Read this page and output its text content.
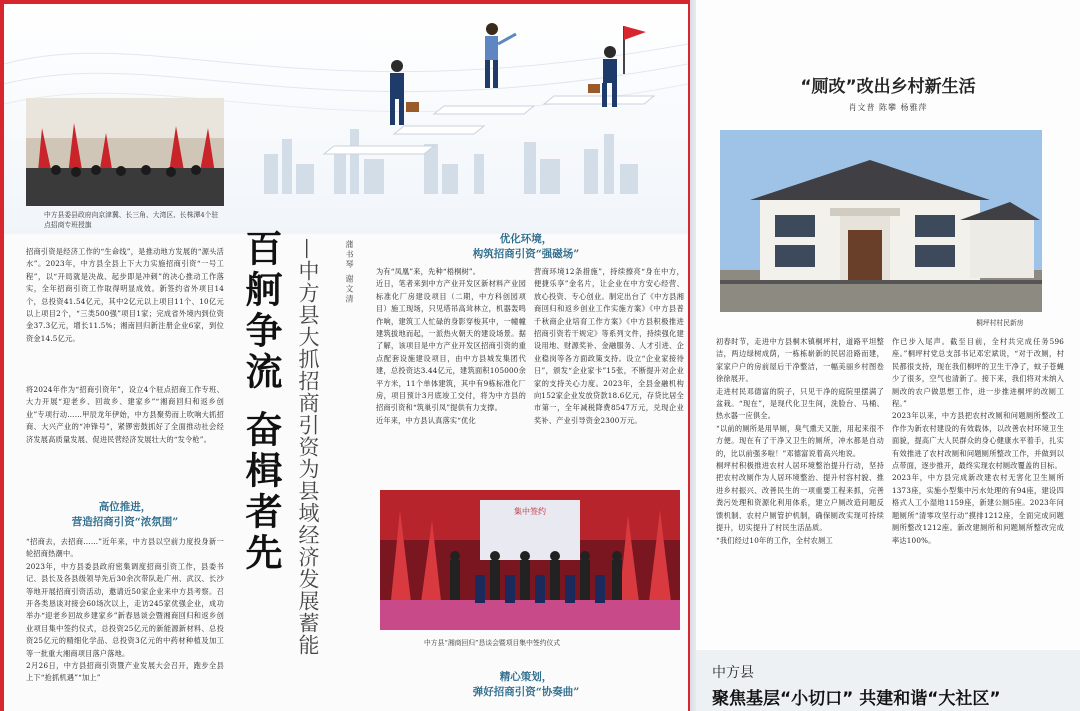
中方县委县政府向京津冀、长三角、大湾区、长株潭4个驻点招商专班授旗
招商引资是经济工作的“生命线”，是推动地方发展的“源头活水”。2023年，中方县全县上下大力实施招商引资“一号工程”，以“开局就是决战、起步即是冲刺”的决心推动工作落实，全年招商引资工作取得明显成效。新签约省外项目14个，总投资41.54亿元，其中2亿元以上项目11个、10亿元以上项目2个，“三类500强”项目1家；完成省外境内到位资金37.3亿元，增长11.5%；湘南回归新注册企业6家，到位资金14.5亿元。
将2024年作为“招商引资年”，设立4个驻点招商工作专班、大力开展“迎老乡、回故乡、建家乡”“湘商回归和返乡创业”专项行动……甲辰龙年伊始，中方县聚势而上吹响大抓招商、大兴产业的“冲锋号”，紧锣密鼓抓好了全面推动社会经济发展高质量发展、促进民营经济发展壮大的“发令枪”。
高位推进，
营造招商引资“浓氛围”
“招商去，去招商……”近年来，中方县以空前力度投身新一轮招商热潮中。
2023年，中方县委县政府密集调度招商引资工作，县委书记、县长及各县级领导先后30余次带队赴广州、武汉、长沙等地开展招商引资活动，邀请近50家企业来中方县考察。召开各类恳谈对接会60场次以上，走访245家优强企业，成功举办“迎老乡回故乡建家乡”新春恳谈会暨湘商回归和返乡创业项目集中签约仪式，总投资25亿元的新能源新材料、总投资25亿元的精细化学品、总投资3亿元的中药材种植及加工等一批重大湘商项目落户落地。
2月26日，中方县招商引资暨产业发展大会召开，跑步全县上下“抢抓机遇”“加上”
百舸争流 奋楫者先 —中方县大抓招商引资为县域经济发展蓄能	蒲书琴 谢文清
优化环境，
构筑招商引资“强磁场”
为有“凤凰”来，先种“梧桐树”。
近日，笔者来到中方产业开发区新材料产业园标准化厂房建设项目（二期，中方科创园项目）施工现场，只见塔吊高耸林立，机器轰鸣作响，建筑工人忙碌的身影穿梭其中，一幢幢建筑拔地而起，一派热火朝天的建设场景。据了解，该项目是中方产业开发区招商引资的重点配套设施建设项目，由中方县城发集团代建，总投资达3.44亿元，建筑面积105000余平方米，11个单体建筑，其中有9栋标准化厂房，项目预计3月底竣工交付，将为中方县的招商引资和“筑巢引凤”提供有力支撑。
近年来，中方县认真落实“优化
营商环境12条措施”，持续擦亮“身在中方，便捷乐享”金名片，让企业在中方安心经营、放心投资、专心创业。制定出台了《中方县湘商回归和返乡创业工作实施方案》《中方县普千秋商企业培育工作方案》《中方县积极推进招商引资若干规定》等系列文件，持续强化建设用地、财源奖补、金融服务、人才引进、企业稳岗等各方面政策支持。设立“企业家接待日”，颁发“企业家卡”15张，不断提升对企业家的支持关心力度。2023年，全县金融机构向152家企业发放贷款18.6亿元，存贷比居全市第一，全年减税降费8547万元，兑现企业奖补、产业引导资金2300万元。
集中签约
中方县“湘商回归”恳谈会暨项目集中签约仪式
精心策划，
弹好招商引资“协奏曲”
“厕改”改出乡村新生活
肖文普 陈攀 杨雅萍
桐坪村村民新房
初春时节，走进中方县桐木镇桐坪村，道路平坦整洁，两边绿树成荫，一栋栋崭新的民居沿路而建，家家户户的房前屋后干净整洁，一幅美丽乡村图卷徐徐展开。
走进村民邓德富的院子，只见干净的庭院里摆满了盆栽。“现在”，是现代化卫生间，洗脸台、马桶、热水器一应俱全。
“以前的厕所是用旱厕，臭气熏天又脏，用起来很不方便。现在有了干净又卫生的厕所，冲水都是自动的，比以前强多啦！”邓德富说着高兴地说。
桐坪村积极推进农村人居环境整治提升行动，坚持把农村改厕作为人居环境整治、提升村容村貌、推进乡村振兴、改善民生的一项重要工程来抓，完善粪污处理和资源化利用体系，建立户厕改造问题反馈机制、农村户厕管护机制，确保厕改实现可持续提升，切实提升了村民生活品质。
“我们经过10年的工作，全村农厕工
作已步入尾声。截至目前，全村共完成任务596座。”桐坪村党总支部书记邓宏斌说，“对于改厕，村民都很支持，现在我们桐坪的卫生干净了，蚊子苍蝇少了很多，空气也清新了。接下来，我们将对未纳入厕改的农户做思想工作，进一步推进桐坪的改厕工程。”
2023年以来，中方县把农村改厕和问题厕所整改工作作为新农村建设的有效载体，以改善农村环境卫生面貌，提高广大人民群众的身心健康水平着手，扎实有效推进了农村改厕和问题厕所整改工作，并做到以点带面，逐步推开，最终实现农村厕改覆盖的目标。
2023年，中方县完成新改建农村无害化卫生厕所1373座，实施小型集中污水处理的有94座，建设四格式人工小湿地1159座，新建公厕5座。2023年问题厕所“清零攻坚行动”摸排1212座，全面完成问题厕所整改1212座。新改建厕所和问题厕所整改完成率达100%。
中方县
聚焦基层“小切口” 共建和谐“大社区”
